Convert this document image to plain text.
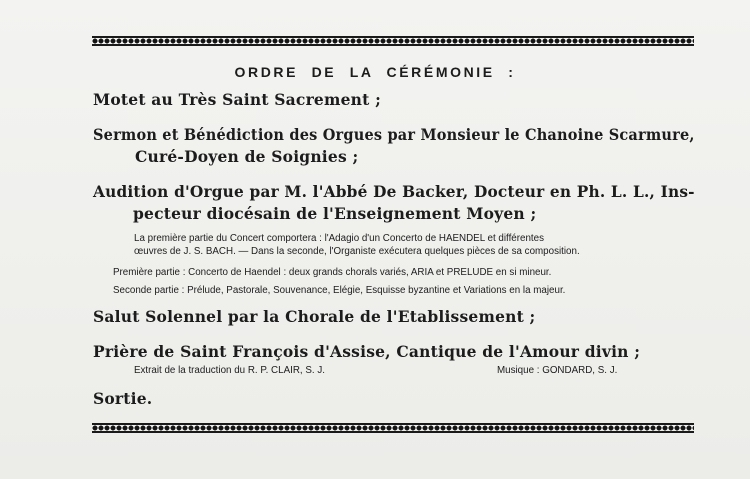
ORDRE DE LA CÉRÉMONIE :
Motet au Très Saint Sacrement ;
Sermon et Bénédiction des Orgues par Monsieur le Chanoine Scarmure,
Curé-Doyen de Soignies ;
Audition d'Orgue par M. l'Abbé De Backer, Docteur en Ph. L. L., Ins-
pecteur diocésain de l'Enseignement Moyen ;
La première partie du Concert comportera : l'Adagio d'un Concerto de HAENDEL et différentes
œuvres de J. S. BACH. — Dans la seconde, l'Organiste exécutera quelques pièces de sa composition.
Première partie : Concerto de Haendel : deux grands chorals variés, ARIA et PRELUDE en si mineur.
Seconde partie : Prélude, Pastorale, Souvenance, Elégie, Esquisse byzantine et Variations en la majeur.
Salut Solennel par la Chorale de l'Etablissement ;
Prière de Saint François d'Assise, Cantique de l'Amour divin ;
Extrait de la traduction du R. P. CLAIR, S. J.	Musique : GONDARD, S. J.
Sortie.
